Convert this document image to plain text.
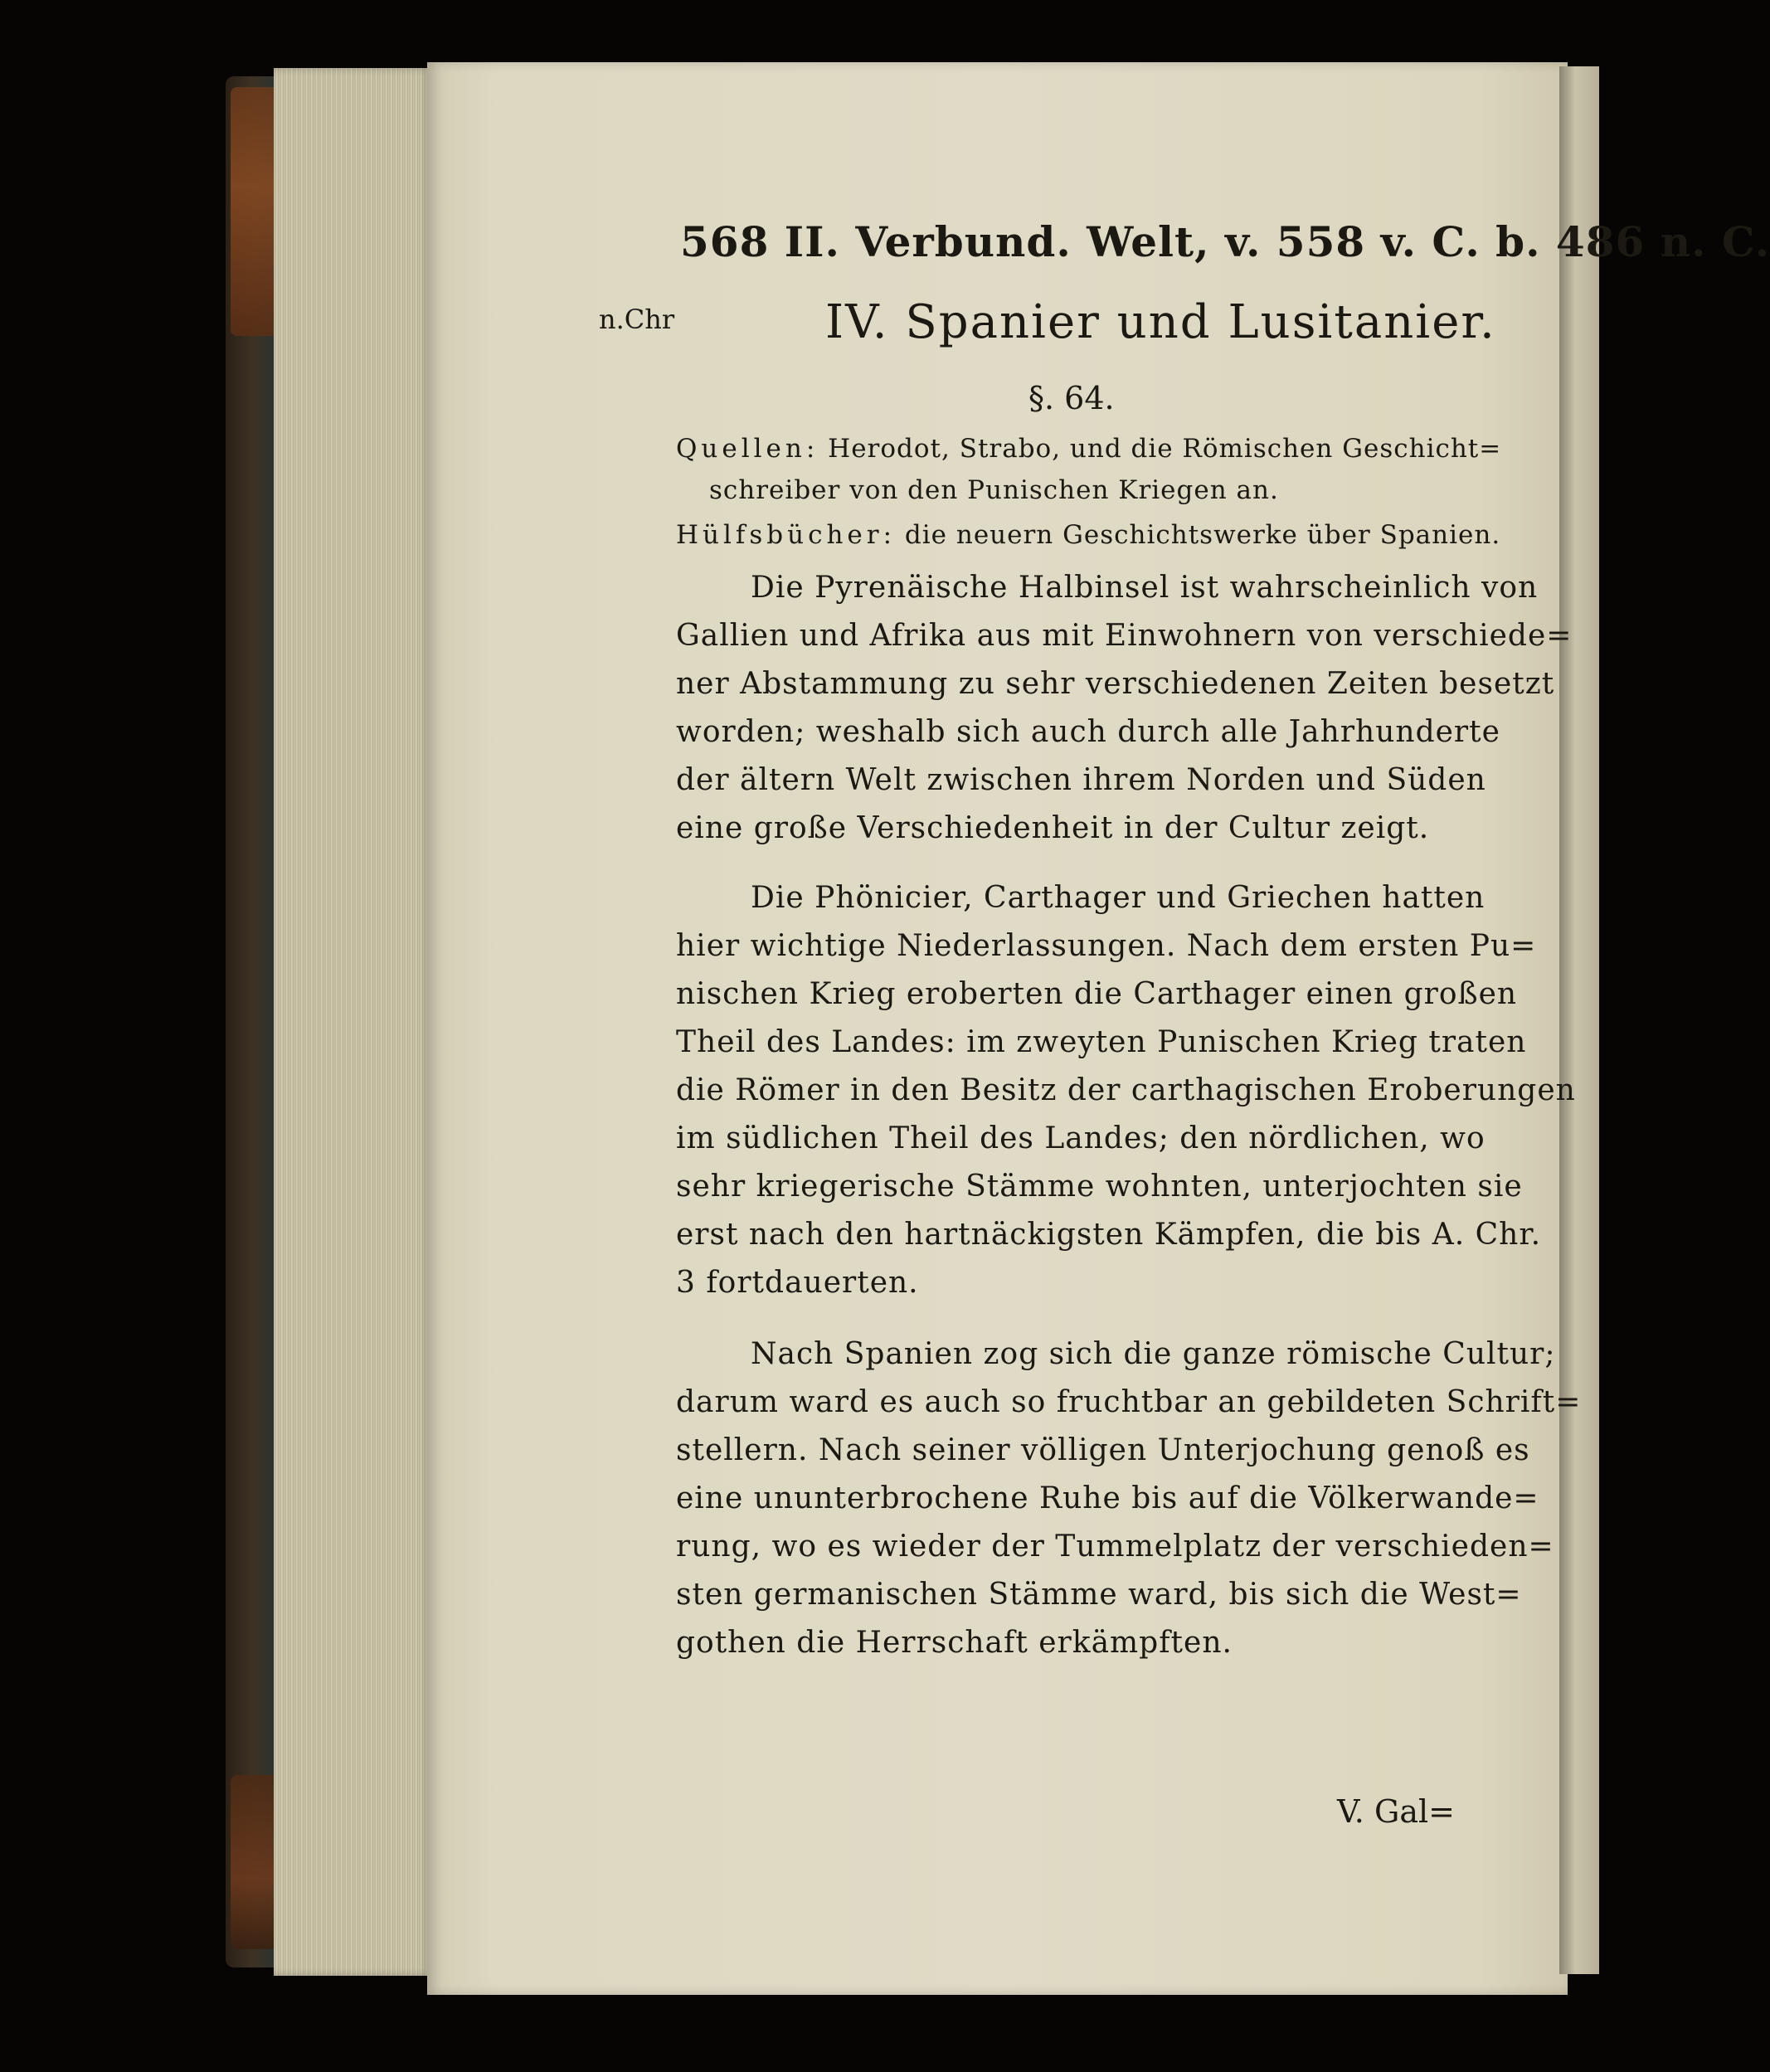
568 II. Verbund. Welt, v. 558 v. C. b. 486 n. C.
n.Chr	IV. Spanier und Lusitanier.
§. 64.
Quellen: Herodot, Strabo, und die Römischen Geschicht=
schreiber von den Punischen Kriegen an.
Hülfsbücher: die neuern Geschichtswerke über Spanien.
Die Pyrenäische Halbinsel ist wahrscheinlich von
Gallien und Afrika aus mit Einwohnern von verschiede=
ner Abstammung zu sehr verschiedenen Zeiten besetzt
worden; weshalb sich auch durch alle Jahrhunderte
der ältern Welt zwischen ihrem Norden und Süden
eine große Verschiedenheit in der Cultur zeigt.
Die Phönicier, Carthager und Griechen hatten
hier wichtige Niederlassungen. Nach dem ersten Pu=
nischen Krieg eroberten die Carthager einen großen
Theil des Landes: im zweyten Punischen Krieg traten
die Römer in den Besitz der carthagischen Eroberungen
im südlichen Theil des Landes; den nördlichen, wo
sehr kriegerische Stämme wohnten, unterjochten sie
erst nach den hartnäckigsten Kämpfen, die bis A. Chr.
3 fortdauerten.
Nach Spanien zog sich die ganze römische Cultur;
darum ward es auch so fruchtbar an gebildeten Schrift=
stellern. Nach seiner völligen Unterjochung genoß es
eine ununterbrochene Ruhe bis auf die Völkerwande=
rung, wo es wieder der Tummelplatz der verschieden=
sten germanischen Stämme ward, bis sich die West=
gothen die Herrschaft erkämpften.
V. Gal=
